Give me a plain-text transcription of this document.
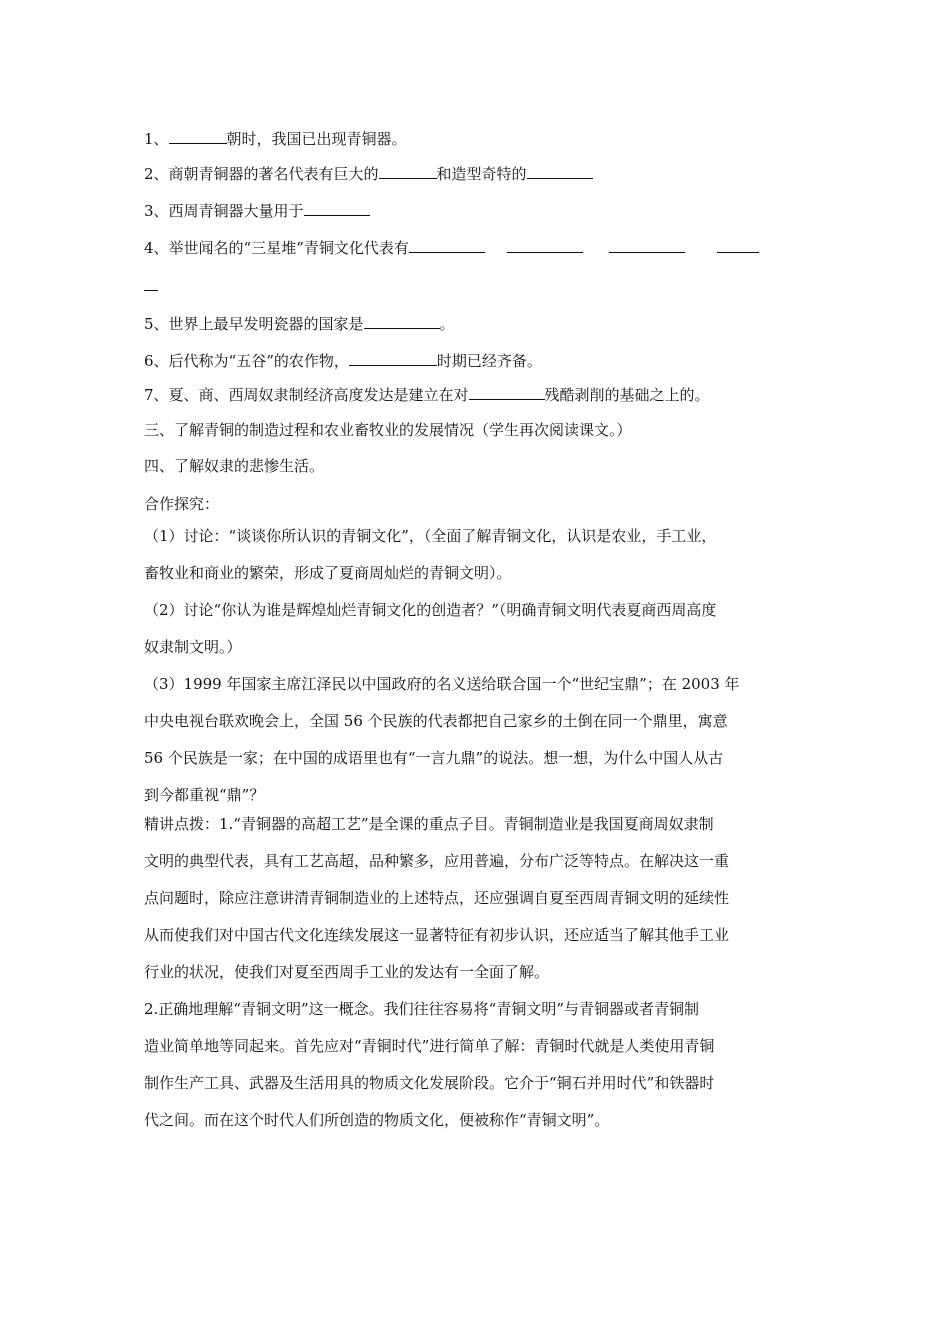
1、	朝时，我国已出现青铜器。
2、商朝青铜器的著名代表有巨大的	和造型奇特的
3、西周青铜器大量用于
4、举世闻名的“三星堆”青铜文化代表有
5、世界上最早发明瓷器的国家是	。
6、后代称为“五谷”的农作物，	时期已经齐备。
7、夏、商、西周奴隶制经济高度发达是建立在对	残酷剥削的基础之上的。
三、了解青铜的制造过程和农业畜牧业的发展情况（学生再次阅读课文。）
四、了解奴隶的悲惨生活。
合作探究：

（1）讨论：“谈谈你所认识的青铜文化”，（全面了解青铜文化，认识是农业，手工业，

畜牧业和商业的繁荣，形成了夏商周灿烂的青铜文明）。

（2）讨论“你认为谁是辉煌灿烂青铜文化的创造者？”（明确青铜文明代表夏商西周高度

奴隶制文明。）

（3）1999 年国家主席江泽民以中国政府的名义送给联合国一个“世纪宝鼎”；在 2003 年

中央电视台联欢晚会上，全国 56 个民族的代表都把自己家乡的土倒在同一个鼎里，寓意

56 个民族是一家；在中国的成语里也有“一言九鼎”的说法。想一想，为什么中国人从古

到今都重视“鼎”？

精讲点拨：1.“青铜器的高超工艺”是全课的重点子目。青铜制造业是我国夏商周奴隶制

文明的典型代表，具有工艺高超，品种繁多，应用普遍，分布广泛等特点。在解决这一重

点问题时，除应注意讲清青铜制造业的上述特点，还应强调自夏至西周青铜文明的延续性

从而使我们对中国古代文化连续发展这一显著特征有初步认识，还应适当了解其他手工业

行业的状况，使我们对夏至西周手工业的发达有一全面了解。

2.正确地理解“青铜文明”这一概念。我们往往容易将“青铜文明”与青铜器或者青铜制

造业简单地等同起来。首先应对“青铜时代”进行简单了解：青铜时代就是人类使用青铜

制作生产工具、武器及生活用具的物质文化发展阶段。它介于“铜石并用时代”和铁器时

代之间。而在这个时代人们所创造的物质文化，便被称作“青铜文明”。
